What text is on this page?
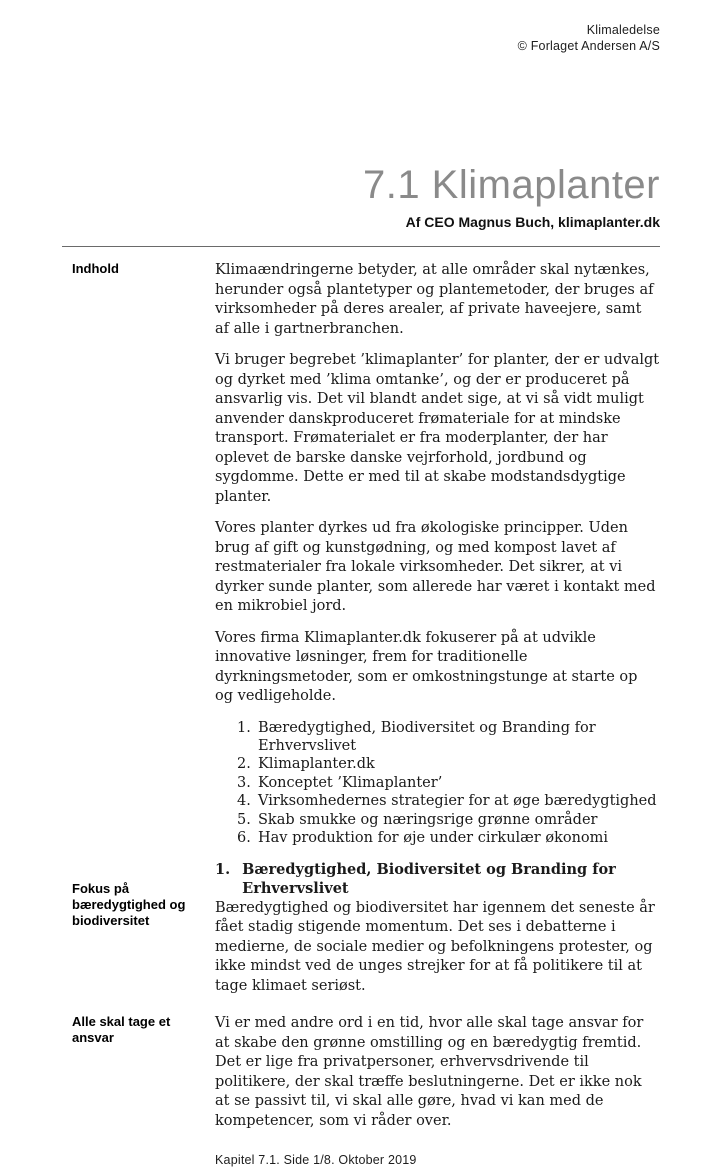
Klimaledelse
© Forlaget Andersen A/S
7.1 Klimaplanter
Af CEO Magnus Buch, klimaplanter.dk
Indhold	Klimaændringerne betyder, at alle områder skal nytænkes, herunder også plantetyper og plantemetoder, der bruges af virksomheder på deres arealer, af private haveejere, samt af alle i gartnerbranchen.

Vi bruger begrebet ’klimaplanter’ for planter, der er udvalgt og dyrket med ’klima omtanke’, og der er produceret på ansvarlig vis. Det vil blandt andet sige, at vi så vidt muligt anvender danskproduceret frømateriale for at mindske transport. Frømaterialet er fra moderplanter, der har oplevet de barske danske vejrforhold, jordbund og sygdomme. Dette er med til at skabe modstandsdygtige planter.

Vores planter dyrkes ud fra økologiske principper. Uden brug af gift og kunstgødning, og med kompost lavet af restmaterialer fra lokale virksomheder. Det sikrer, at vi dyrker sunde planter, som allerede har været i kontakt med en mikrobiel jord.

Vores firma Klimaplanter.dk fokuserer på at udvikle innovative løsninger, frem for traditionelle dyrkningsmetoder, som er omkostningstunge at starte op og vedligeholde.

1. Bæredygtighed, Biodiversitet og Branding for Erhvervslivet
2. Klimaplanter.dk
3. Konceptet ’Klimaplanter’
4. Virksomhedernes strategier for at øge bæredygtighed
5. Skab smukke og næringsrige grønne områder
6. Hav produktion for øje under cirkulær økonomi
Fokus på bæredygtighed og biodiversitet
1. Bæredygtighed, Biodiversitet og Branding for Erhvervslivet

Bæredygtighed og biodiversitet har igennem det seneste år fået stadig stigende momentum. Det ses i debatterne i medierne, de sociale medier og befolkningens protester, og ikke mindst ved de unges strejker for at få politikere til at tage klimaet seriøst.

Alle skal tage et ansvar

Vi er med andre ord i en tid, hvor alle skal tage ansvar for at skabe den grønne omstilling og en bæredygtig fremtid. Det er lige fra privatpersoner, erhvervsdrivende til politikere, der skal træffe beslutningerne. Det er ikke nok at se passivt til, vi skal alle gøre, hvad vi kan med de kompetencer, som vi råder over.

Kapitel 7.1. Side 1/8. Oktober 2019
